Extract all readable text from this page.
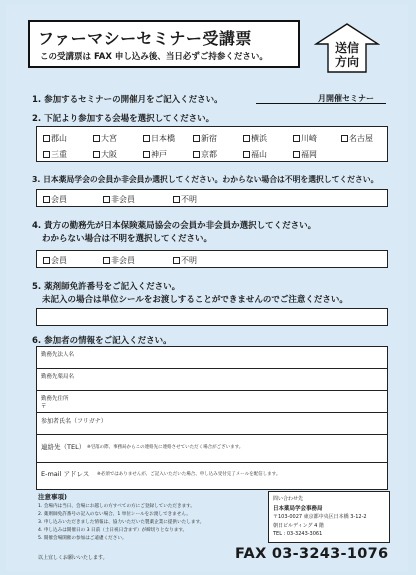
ファーマシーセミナー受講票
この受講票は FAX 申し込み後、当日必ずご持参ください。
送信
方向
1. 参加するセミナーの開催月をご記入ください。	月開催セミナー
2. 下記より参加する会場を選択してください。
郡山	大宮	日本橋	新宿	横浜	川崎	名古屋
三重	大阪	神戸	京都	福山	福岡
3. 日本薬局学会の会員か非会員か選択してください。わからない場合は不明を選択してください。
会員	非会員	不明
4. 貴方の勤務先が日本保険薬局協会の会員か非会員か選択してください。
わからない場合は不明を選択してください。
会員	非会員	不明
5. 薬剤師免許番号をご記入ください。
未記入の場合は単位シールをお渡しすることができませんのでご注意ください。
6. 参加者の情報をご記入ください。
勤務先法人名
勤務先薬局名
勤務先住所
〒
参加者氏名（フリガナ）
連絡先（TEL） ※연落の際、事務局からこの連絡先に連絡させていただく場合がございます。
E-mail アドレス ※必須ではありませんが、ご記入いただいた場合、申し込み受付完了メールを配信します。
注意事項)
1. 会場内は当日、会場にお越しの方すべての方にご登録していただきます。
2. 薬剤師免許番号の記入のない場合、1 単位シールをお渡しできません。
3. 申し込みいただきました情報は、協力いただいた製薬企業に提供いたします。
4. 申し込みは開催日の 3 日前（土日祝日含まず）が締切りとなります。
5. 開催会場開催の参加はご遠慮ください。
以上宜しくお願いいたします。
問い合わせ先
日本薬局学会事務局
〒103-0027 東京都中央区日本橋 3-12-2
朝日ビルディング 4 階
TEL : 03-3243-3061
FAX 03-3243-1076
